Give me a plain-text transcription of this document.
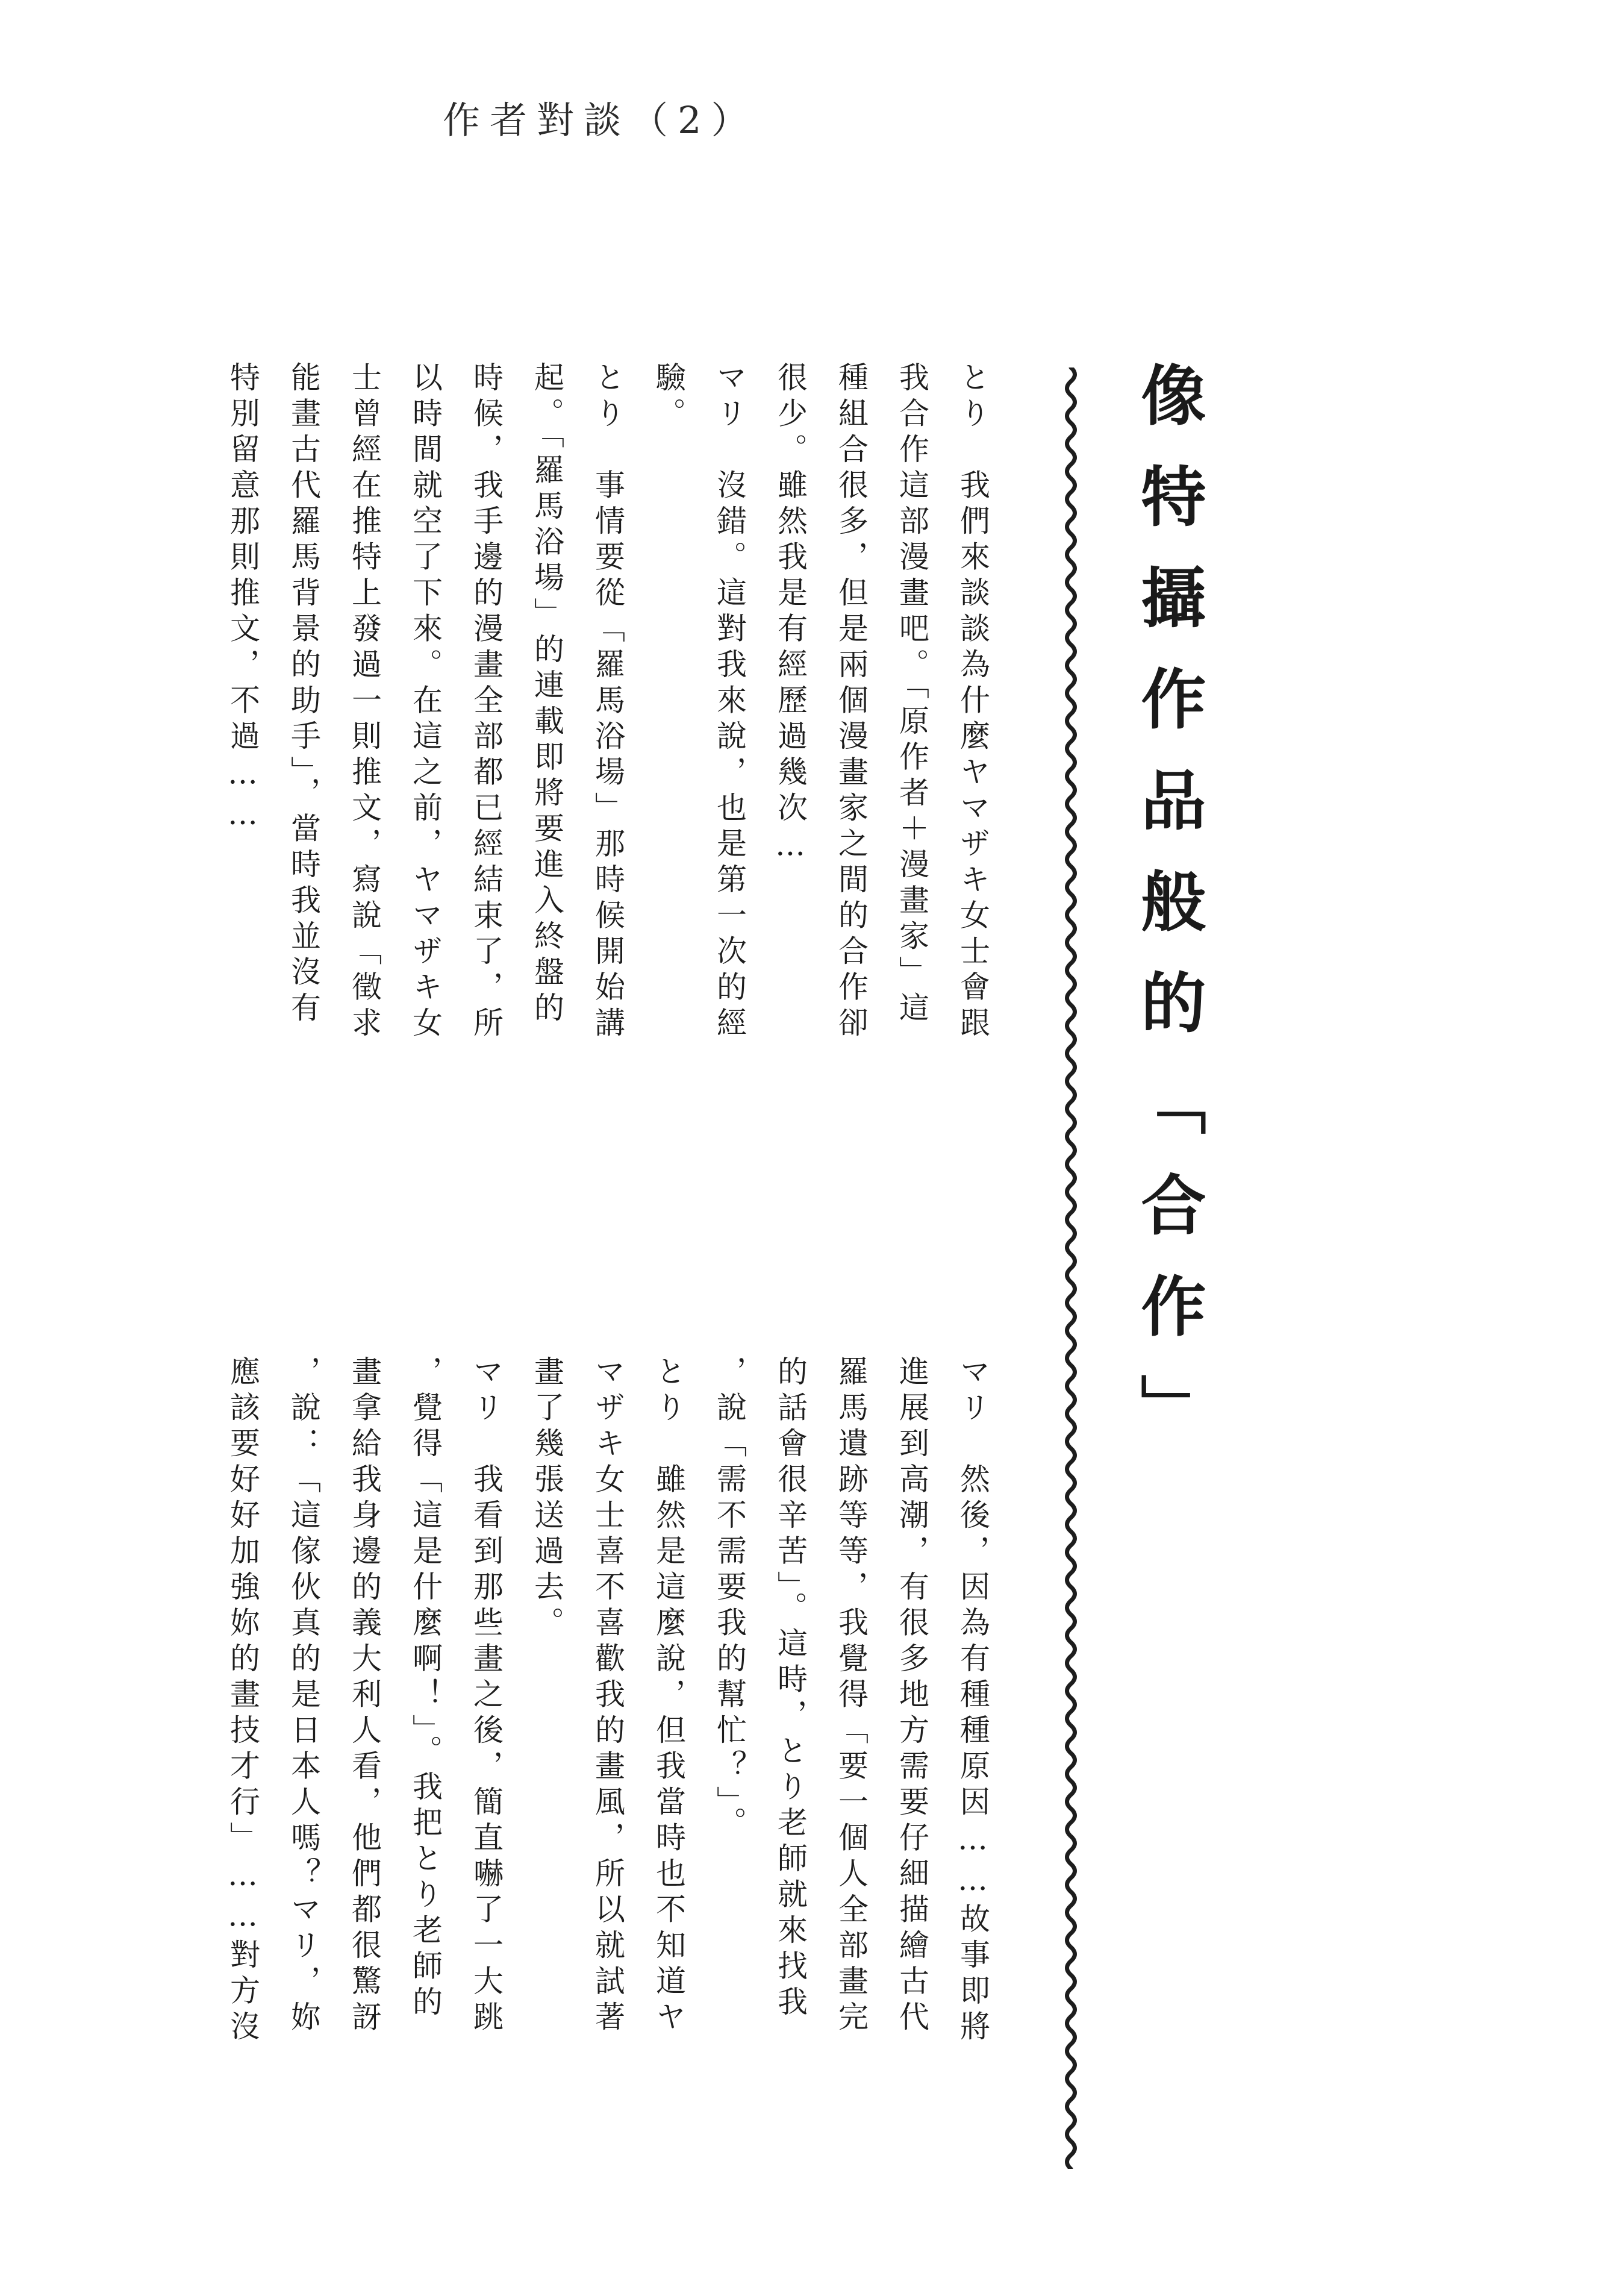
作者對談（2）
像特攝作品般的「合作」
とり　我們來談談為什麼ヤマザキ女士會跟
我合作這部漫畫吧。「原作者＋漫畫家」這
種組合很多，但是兩個漫畫家之間的合作卻
很少。雖然我是有經歷過幾次…
マリ　沒錯。這對我來說，也是第一次的經
驗。
とり　事情要從「羅馬浴場」那時候開始講
起。「羅馬浴場」的連載即將要進入終盤的
時候，我手邊的漫畫全部都已經結束了，所
以時間就空了下來。在這之前，ヤマザキ女
士曾經在推特上發過一則推文，寫說「徵求
能畫古代羅馬背景的助手」，當時我並沒有
特別留意那則推文，不過……
マリ　然後，因為有種種原因……故事即將
進展到高潮，有很多地方需要仔細描繪古代
羅馬遺跡等等，我覺得「要一個人全部畫完
的話會很辛苦」。這時，とり老師就來找我
，說「需不需要我的幫忙？」。
とり　雖然是這麼說，但我當時也不知道ヤ
マザキ女士喜不喜歡我的畫風，所以就試著
畫了幾張送過去。
マリ　我看到那些畫之後，簡直嚇了一大跳
，覺得「這是什麼啊！」。我把とり老師的
畫拿給我身邊的義大利人看，他們都很驚訝
，說：「這傢伙真的是日本人嗎？マリ，妳
應該要好好加強妳的畫技才行」……對方沒
